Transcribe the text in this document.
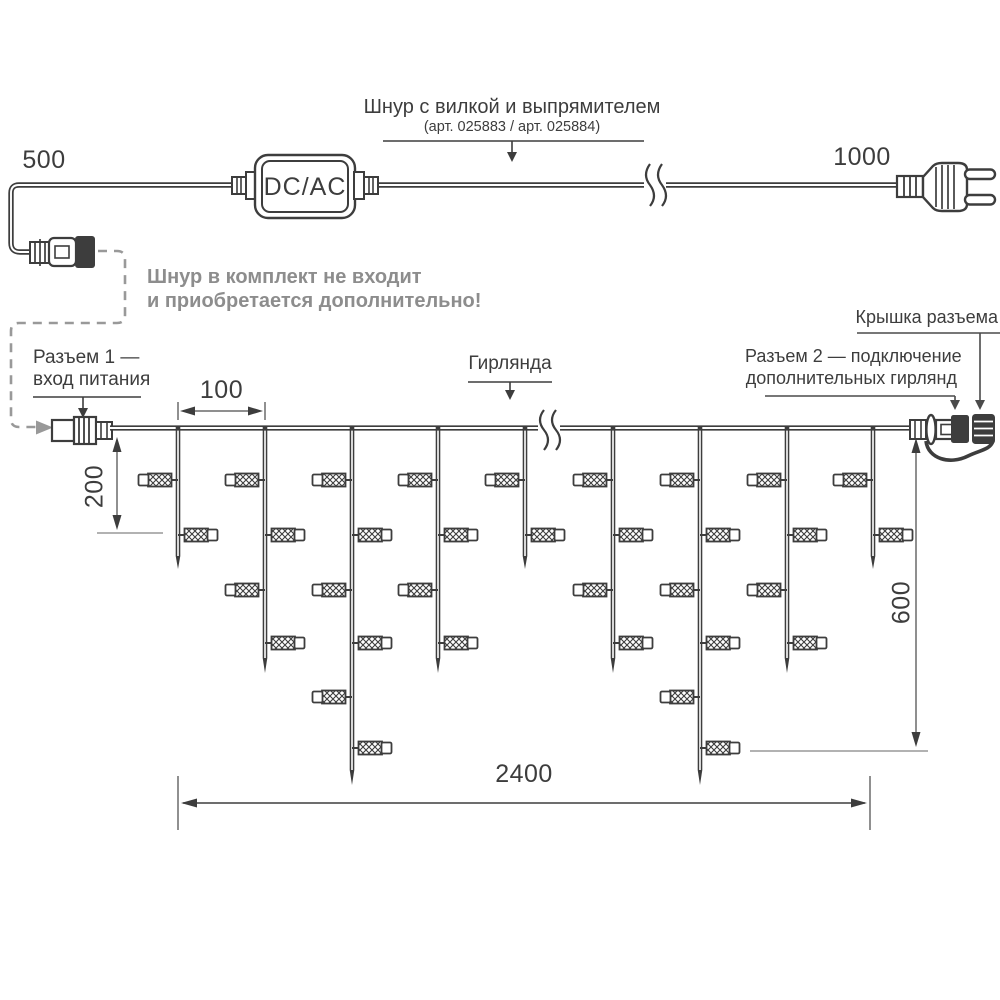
500
Шнур с вилкой и выпрямителем
(арт. 025883 / арт. 025884)
1000
DC/AC
Шнур в комплект не входит
и приобретается дополнительно!
Разъем 1 —
вход питания	100
200
Гирлянда
Крышка разъема
Разъем 2 — подключение
дополнительных гирлянд
600
2400
